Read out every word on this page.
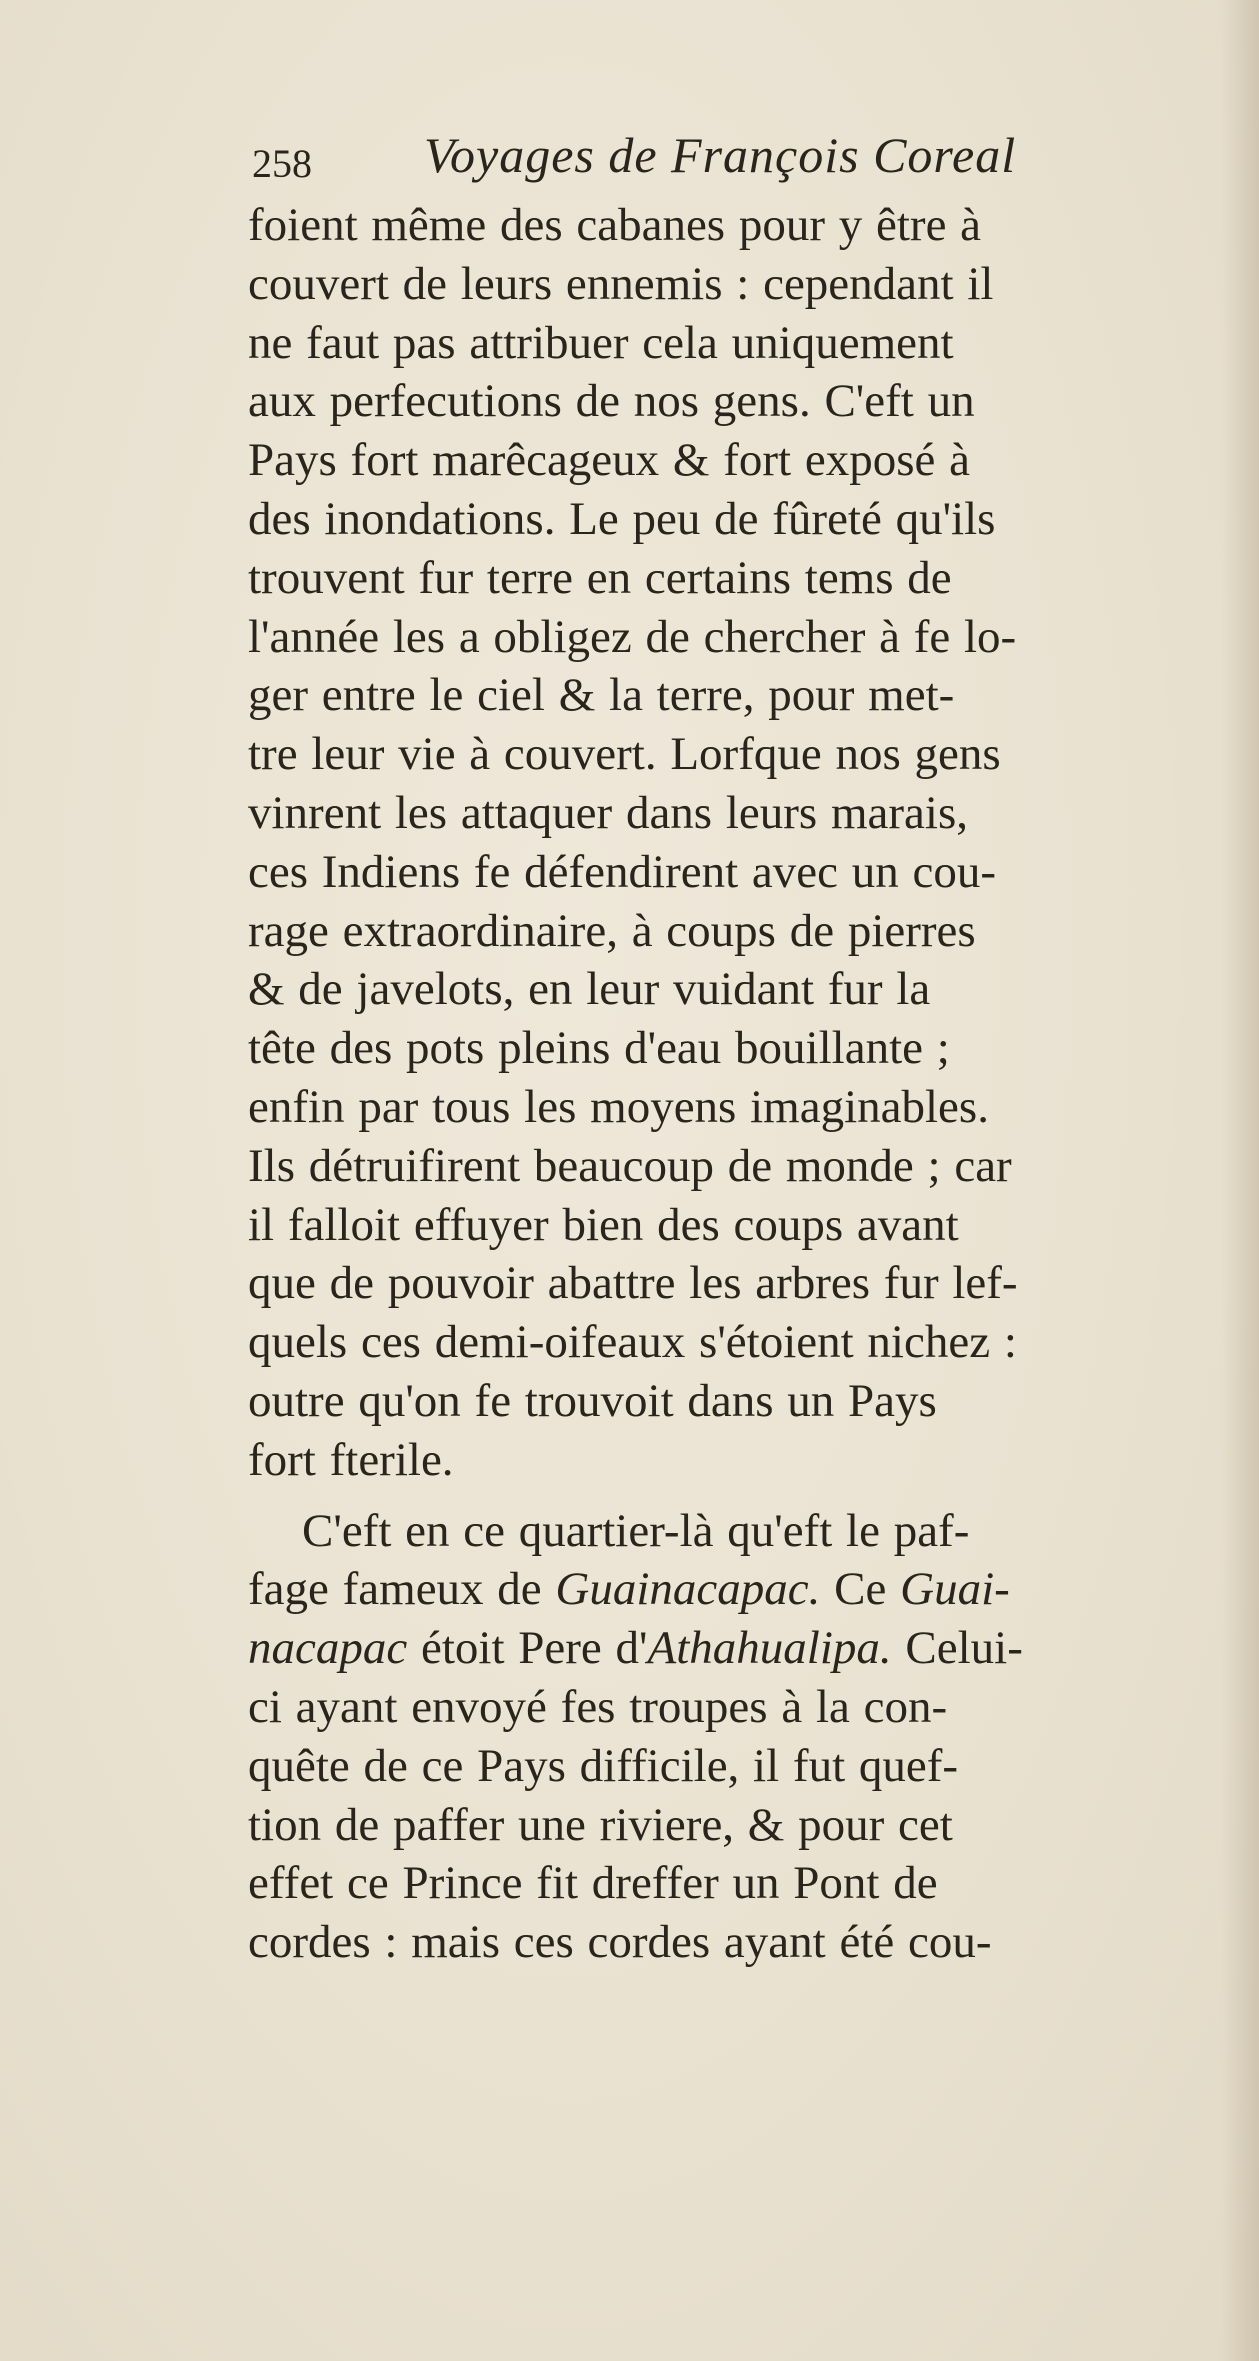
258 Voyages de François Coreal
foient même des cabanes pour y être à
couvert de leurs ennemis : cependant il
ne faut pas attribuer cela uniquement
aux perfecutions de nos gens. C'eft un
Pays fort marêcageux & fort exposé à
des inondations. Le peu de fûreté qu'ils
trouvent fur terre en certains tems de
l'année les a obligez de chercher à fe lo-
ger entre le ciel & la terre, pour met-
tre leur vie à couvert. Lorfque nos gens
vinrent les attaquer dans leurs marais,
ces Indiens fe défendirent avec un cou-
rage extraordinaire, à coups de pierres
& de javelots, en leur vuidant fur la
tête des pots pleins d'eau bouillante ;
enfin par tous les moyens imaginables.
Ils détruifirent beaucoup de monde ; car
il falloit effuyer bien des coups avant
que de pouvoir abattre les arbres fur lef-
quels ces demi-oifeaux s'étoient nichez :
outre qu'on fe trouvoit dans un Pays
fort fterile.
C'eft en ce quartier-là qu'eft le paf-
fage fameux de Guainacapac. Ce Guai-
nacapac étoit Pere d'Athahualipa. Celui-
ci ayant envoyé fes troupes à la con-
quête de ce Pays difficile, il fut quef-
tion de paffer une riviere, & pour cet
effet ce Prince fit dreffer un Pont de
cordes : mais ces cordes ayant été cou-
